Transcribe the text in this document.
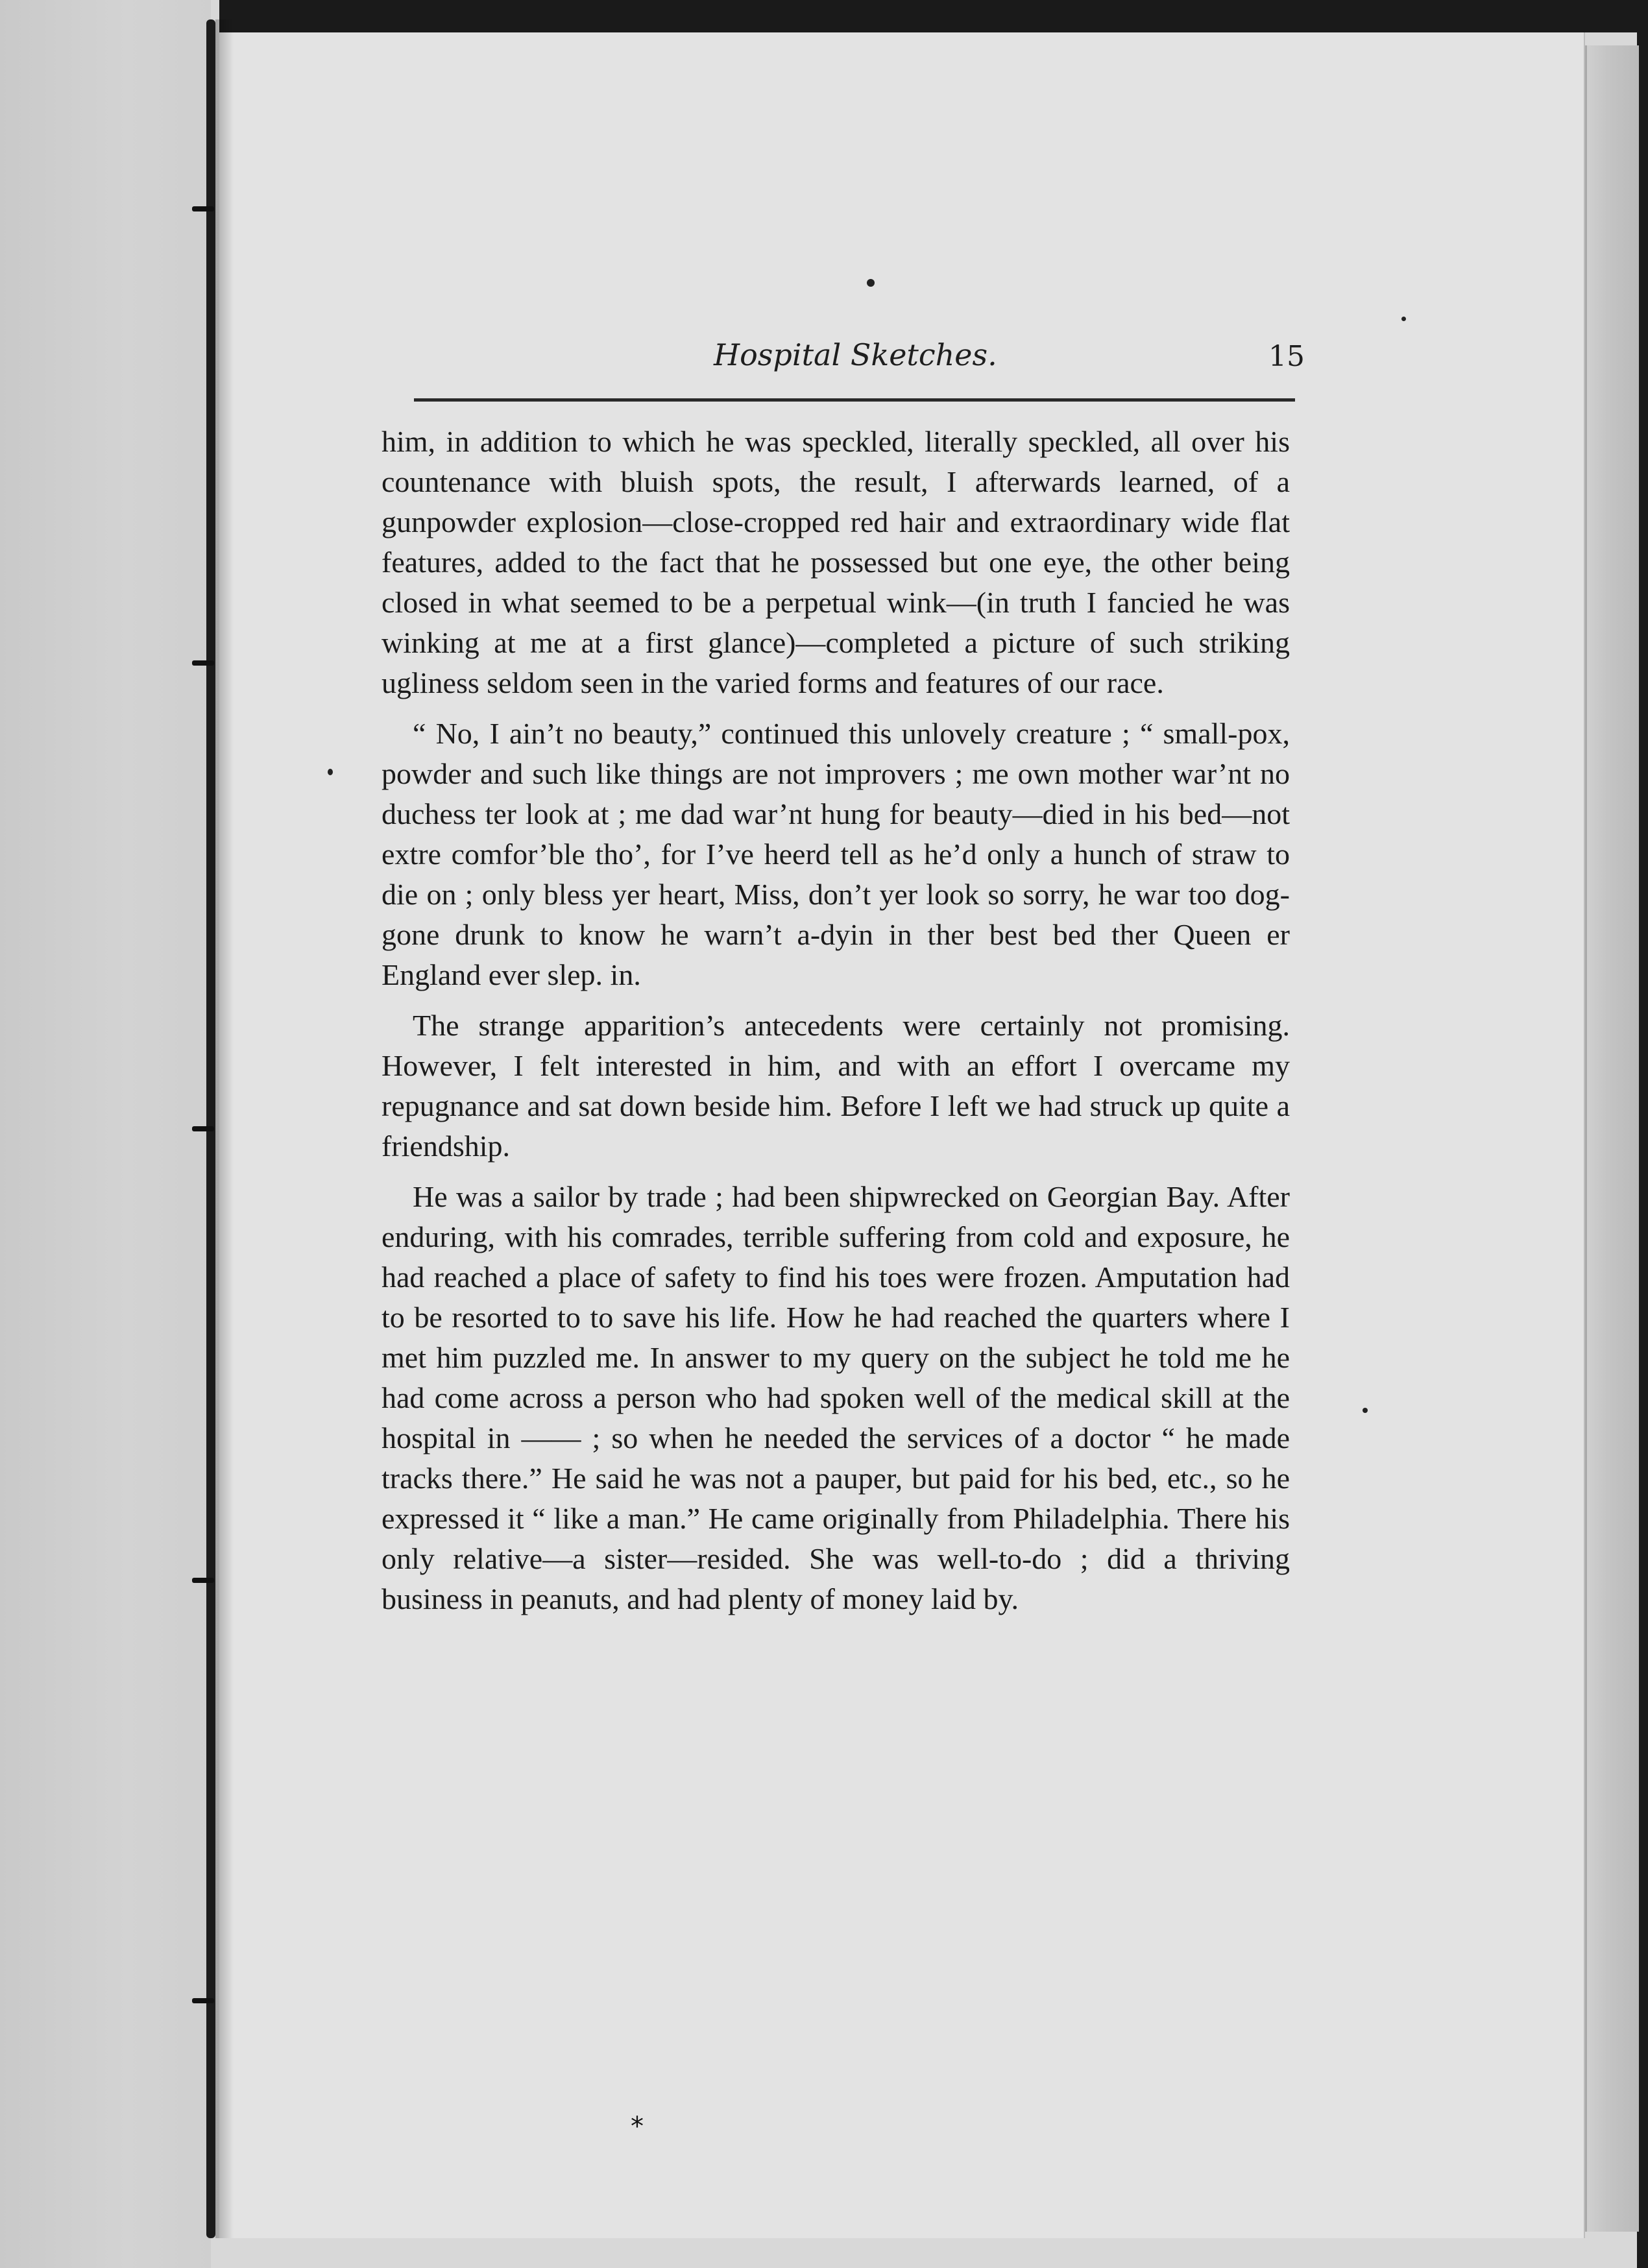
Hospital Sketches.	15

him, in addition to which he was speckled, literally speckled, all over his countenance with bluish spots, the result, I afterwards learned, of a gunpowder explosion—close-cropped red hair and extraordinary wide flat features, added to the fact that he possessed but one eye, the other being closed in what seemed to be a perpetual wink—(in truth I fancied he was winking at me at a first glance)—completed a picture of such striking ugliness seldom seen in the varied forms and features of our race.

“ No, I ain’t no beauty,” continued this unlovely creature ; “ small-pox, powder and such like things are not improvers ; me own mother war’nt no duchess ter look at ; me dad war’nt hung for beauty—died in his bed—not extre comfor’ble tho’, for I’ve heerd tell as he’d only a hunch of straw to die on ; only bless yer heart, Miss, don’t yer look so sorry, he war too dog-gone drunk to know he warn’t a-dyin in ther best bed ther Queen er England ever slep. in.

The strange apparition’s antecedents were certainly not promising. However, I felt interested in him, and with an effort I overcame my repugnance and sat down beside him. Before I left we had struck up quite a friendship.

He was a sailor by trade ; had been shipwrecked on Georgian Bay. After enduring, with his comrades, terrible suffering from cold and exposure, he had reached a place of safety to find his toes were frozen. Amputation had to be resorted to to save his life. How he had reached the quarters where I met him puzzled me. In answer to my query on the subject he told me he had come across a person who had spoken well of the medical skill at the hospital in —— ; so when he needed the services of a doctor “ he made tracks there.” He said he was not a pauper, but paid for his bed, etc., so he expressed it “ like a man.” He came originally from Philadelphia. There his only relative—a sister—resided. She was well-to-do ; did a thriving business in peanuts, and had plenty of money laid by.

*
